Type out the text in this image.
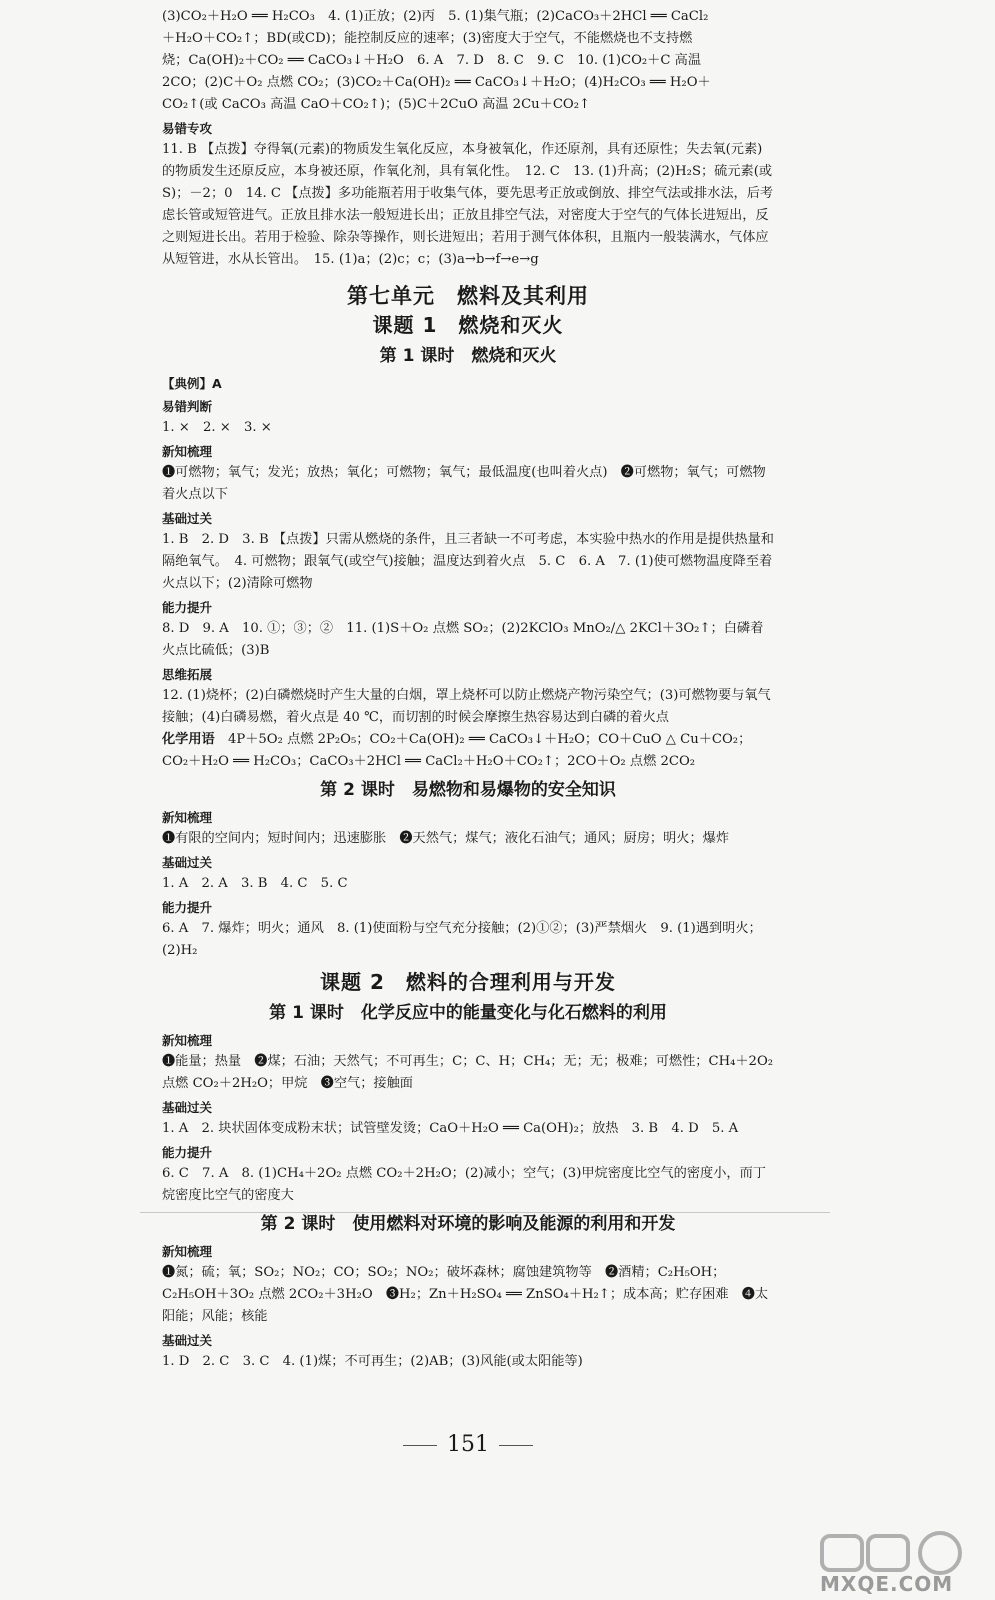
(3)CO₂＋H₂O ══ H₂CO₃　4. (1)正放；(2)丙　5. (1)集气瓶；(2)CaCO₃＋2HCl ══ CaCl₂
＋H₂O＋CO₂↑；BD(或CD)；能控制反应的速率；(3)密度大于空气，不能燃烧也不支持燃
烧；Ca(OH)₂＋CO₂ ══ CaCO₃↓＋H₂O　6. A　7. D　8. C　9. C　10. (1)CO₂＋C 高温
2CO；(2)C＋O₂ 点燃 CO₂；(3)CO₂＋Ca(OH)₂ ══ CaCO₃↓＋H₂O；(4)H₂CO₃ ══ H₂O＋
CO₂↑(或 CaCO₃ 高温 CaO＋CO₂↑)；(5)C＋2CuO 高温 2Cu＋CO₂↑
易错专攻
11. B 【点拨】夺得氧(元素)的物质发生氧化反应，本身被氧化，作还原剂，具有还原性；失去氧(元素)的物质发生还原反应，本身被还原，作氧化剂，具有氧化性。　12. C　13. (1)升高；(2)H₂S；硫元素(或 S)；－2；0　14. C 【点拨】多功能瓶若用于收集气体，要先思考正放或倒放、排空气法或排水法，后考虑长管或短管进气。正放且排水法一般短进长出；正放且排空气法，对密度大于空气的气体长进短出，反之则短进长出。若用于检验、除杂等操作，则长进短出；若用于测气体体积，且瓶内一般装满水，气体应从短管进，水从长管出。　15. (1)a；(2)c；c；(3)a→b→f→e→g
第七单元　燃料及其利用
课题 1　燃烧和灭火
第 1 课时　燃烧和灭火
【典例】A
易错判断
1. ×　2. ×　3. ×
新知梳理
❶可燃物；氧气；发光；放热；氧化；可燃物；氧气；最低温度(也叫着火点)　❷可燃物；氧气；可燃物着火点以下
基础过关
1. B　2. D　3. B 【点拨】只需从燃烧的条件，且三者缺一不可考虑，本实验中热水的作用是提供热量和隔绝氧气。　4. 可燃物；跟氧气(或空气)接触；温度达到着火点　5. C　6. A　7. (1)使可燃物温度降至着火点以下；(2)清除可燃物
能力提升
8. D　9. A　10. ①；③；②　11. (1)S＋O₂ 点燃 SO₂；(2)2KClO₃ MnO₂/△ 2KCl＋3O₂↑；白磷着火点比硫低；(3)B
思维拓展
12. (1)烧杯；(2)白磷燃烧时产生大量的白烟，罩上烧杯可以防止燃烧产物污染空气；(3)可燃物要与氧气接触；(4)白磷易燃，着火点是 40 ℃，而切割的时候会摩擦生热容易达到白磷的着火点
化学用语　 4P＋5O₂ 点燃 2P₂O₅；CO₂＋Ca(OH)₂ ══ CaCO₃↓＋H₂O；CO＋CuO △ Cu＋CO₂；CO₂＋H₂O ══ H₂CO₃；CaCO₃＋2HCl ══ CaCl₂＋H₂O＋CO₂↑；2CO＋O₂ 点燃 2CO₂
第 2 课时　易燃物和易爆物的安全知识
新知梳理
❶有限的空间内；短时间内；迅速膨胀　❷天然气；煤气；液化石油气；通风；厨房；明火；爆炸
基础过关
1. A　2. A　3. B　4. C　5. C
能力提升
6. A　7. 爆炸；明火；通风　8. (1)使面粉与空气充分接触；(2)①②；(3)严禁烟火　9. (1)遇到明火；(2)H₂
课题 2　燃料的合理利用与开发
第 1 课时　化学反应中的能量变化与化石燃料的利用
新知梳理
❶能量；热量　❷煤；石油；天然气；不可再生；C；C、H；CH₄；无；无；极难；可燃性；CH₄＋2O₂ 点燃 CO₂＋2H₂O；甲烷　❸空气；接触面
基础过关
1. A　2. 块状固体变成粉末状；试管壁发烫；CaO＋H₂O ══ Ca(OH)₂；放热　3. B　4. D　5. A
能力提升
6. C　7. A　8. (1)CH₄＋2O₂ 点燃 CO₂＋2H₂O；(2)减小；空气；(3)甲烷密度比空气的密度小，而丁烷密度比空气的密度大
第 2 课时　使用燃料对环境的影响及能源的利用和开发
新知梳理
❶氮；硫；氧；SO₂；NO₂；CO；SO₂；NO₂；破坏森林；腐蚀建筑物等　❷酒精；C₂H₅OH；C₂H₅OH＋3O₂ 点燃 2CO₂＋3H₂O　❸H₂；Zn＋H₂SO₄ ══ ZnSO₄＋H₂↑；成本高；贮存困难　❹太阳能；风能；核能
基础过关
1. D　2. C　3. C　4. (1)煤；不可再生；(2)AB；(3)风能(或太阳能等)
151
MXQE.COM
